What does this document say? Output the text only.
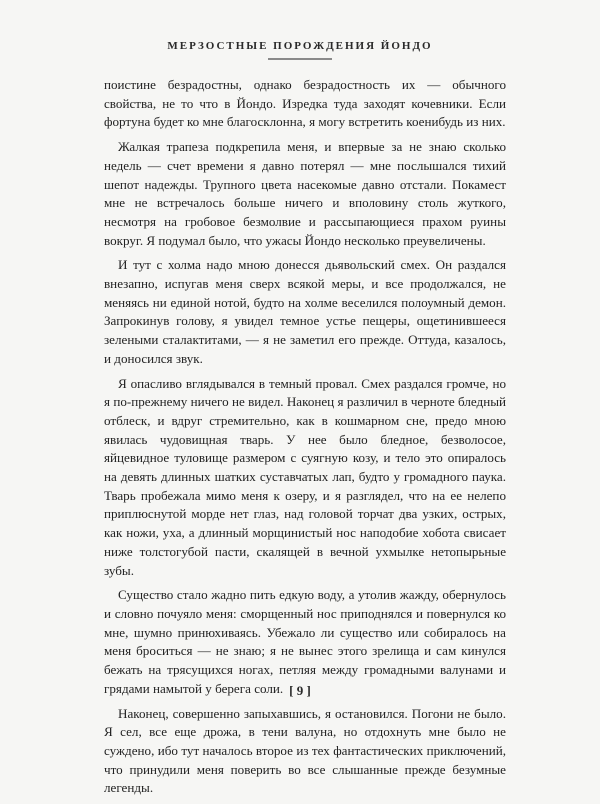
МЕРЗОСТНЫЕ ПОРОЖДЕНИЯ ЙОНДО

поистине безрадостны, однако безрадостность их — обычного свойства, не то что в Йондо. Изредка туда заходят кочевники. Если фортуна будет ко мне благосклонна, я могу встретить коенибудь из них.

Жалкая трапеза подкрепила меня, и впервые за не знаю сколько недель — счет времени я давно потерял — мне послышался тихий шепот надежды. Трупного цвета насекомые давно отстали. Покамест мне не встречалось больше ничего и вполовину столь жуткого, несмотря на гробовое безмолвие и рассыпающиеся прахом руины вокруг. Я подумал было, что ужасы Йондо несколько преувеличены.

И тут с холма надо мною донесся дьявольский смех. Он раздался внезапно, испугав меня сверх всякой меры, и все продолжался, не меняясь ни единой нотой, будто на холме веселился полоумный демон. Запрокинув голову, я увидел темное устье пещеры, ощетинившееся зелеными сталактитами, — я не заметил его прежде. Оттуда, казалось, и доносился звук.

Я опасливо вглядывался в темный провал. Смех раздался громче, но я по-прежнему ничего не видел. Наконец я различил в черноте бледный отблеск, и вдруг стремительно, как в кошмарном сне, предо мною явилась чудовищная тварь. У нее было бледное, безволосое, яйцевидное туловище размером с суягную козу, и тело это опиралось на девять длинных шатких суставчатых лап, будто у громадного паука. Тварь пробежала мимо меня к озеру, и я разглядел, что на ее нелепо приплюснутой морде нет глаз, над головой торчат два узких, острых, как ножи, уха, а длинный морщинистый нос наподобие хобота свисает ниже толстогубой пасти, скалящей в вечной ухмылке нетопырьные зубы.

Существо стало жадно пить едкую воду, а утолив жажду, обернулось и словно почуяло меня: сморщенный нос приподнялся и повернулся ко мне, шумно принюхиваясь. Убежало ли существо или собиралось на меня броситься — не знаю; я не вынес этого зрелища и сам кинулся бежать на трясущихся ногах, петляя между громадными валунами и грядами намытой у берега соли.

Наконец, совершенно запыхавшись, я остановился. Погони не было. Я сел, все еще дрожа, в тени валуна, но отдохнуть мне было не суждено, ибо тут началось второе из тех фантастических приключений, что принудили меня поверить во все слышанные прежде безумные легенды.

[ 9 ]
